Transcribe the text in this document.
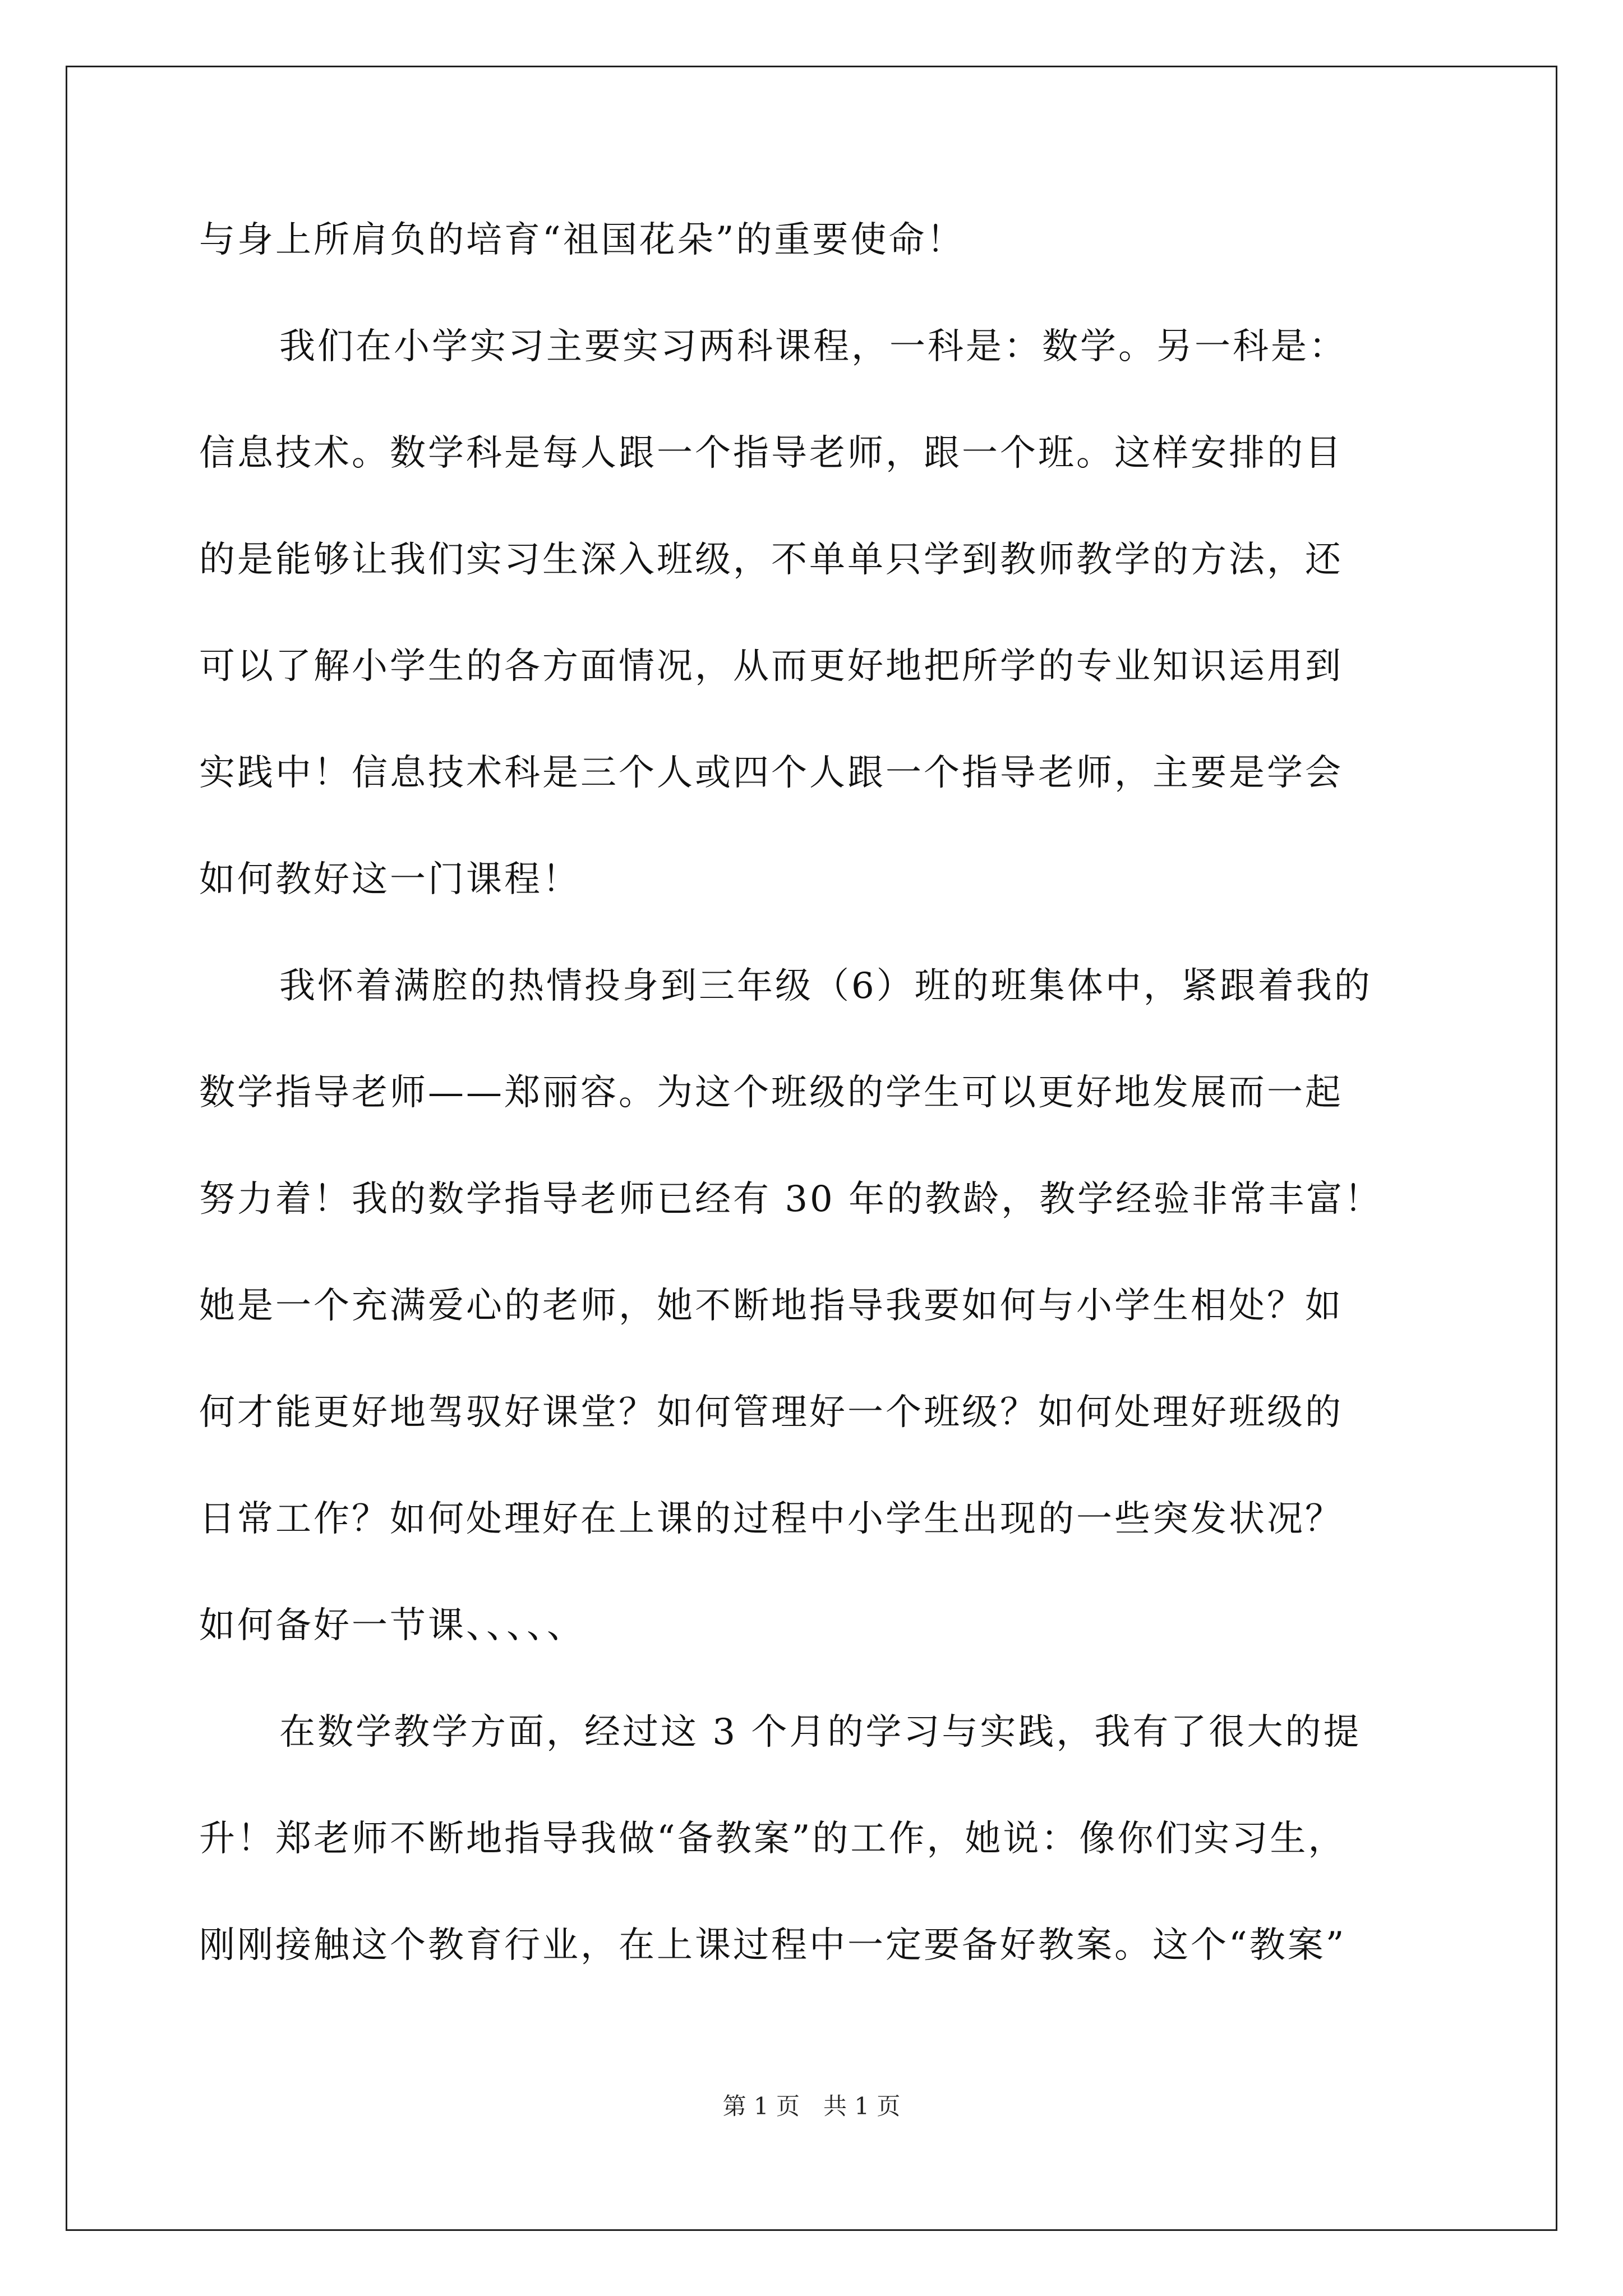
与身上所肩负的培育“祖国花朵”的重要使命！
我们在小学实习主要实习两科课程，一科是：数学。另一科是：
信息技术。数学科是每人跟一个指导老师，跟一个班。这样安排的目
的是能够让我们实习生深入班级，不单单只学到教师教学的方法，还
可以了解小学生的各方面情况，从而更好地把所学的专业知识运用到
实践中！信息技术科是三个人或四个人跟一个指导老师，主要是学会
如何教好这一门课程！
我怀着满腔的热情投身到三年级（6）班的班集体中，紧跟着我的
数学指导老师——郑丽容。为这个班级的学生可以更好地发展而一起
努力着！我的数学指导老师已经有 30 年的教龄，教学经验非常丰富！
她是一个充满爱心的老师，她不断地指导我要如何与小学生相处？如
何才能更好地驾驭好课堂？如何管理好一个班级？如何处理好班级的
日常工作？如何处理好在上课的过程中小学生出现的一些突发状况？
如何备好一节课、、、、、
在数学教学方面，经过这 3 个月的学习与实践，我有了很大的提
升！郑老师不断地指导我做“备教案”的工作，她说：像你们实习生，
刚刚接触这个教育行业，在上课过程中一定要备好教案。这个“教案”
第 1 页　共 1 页
